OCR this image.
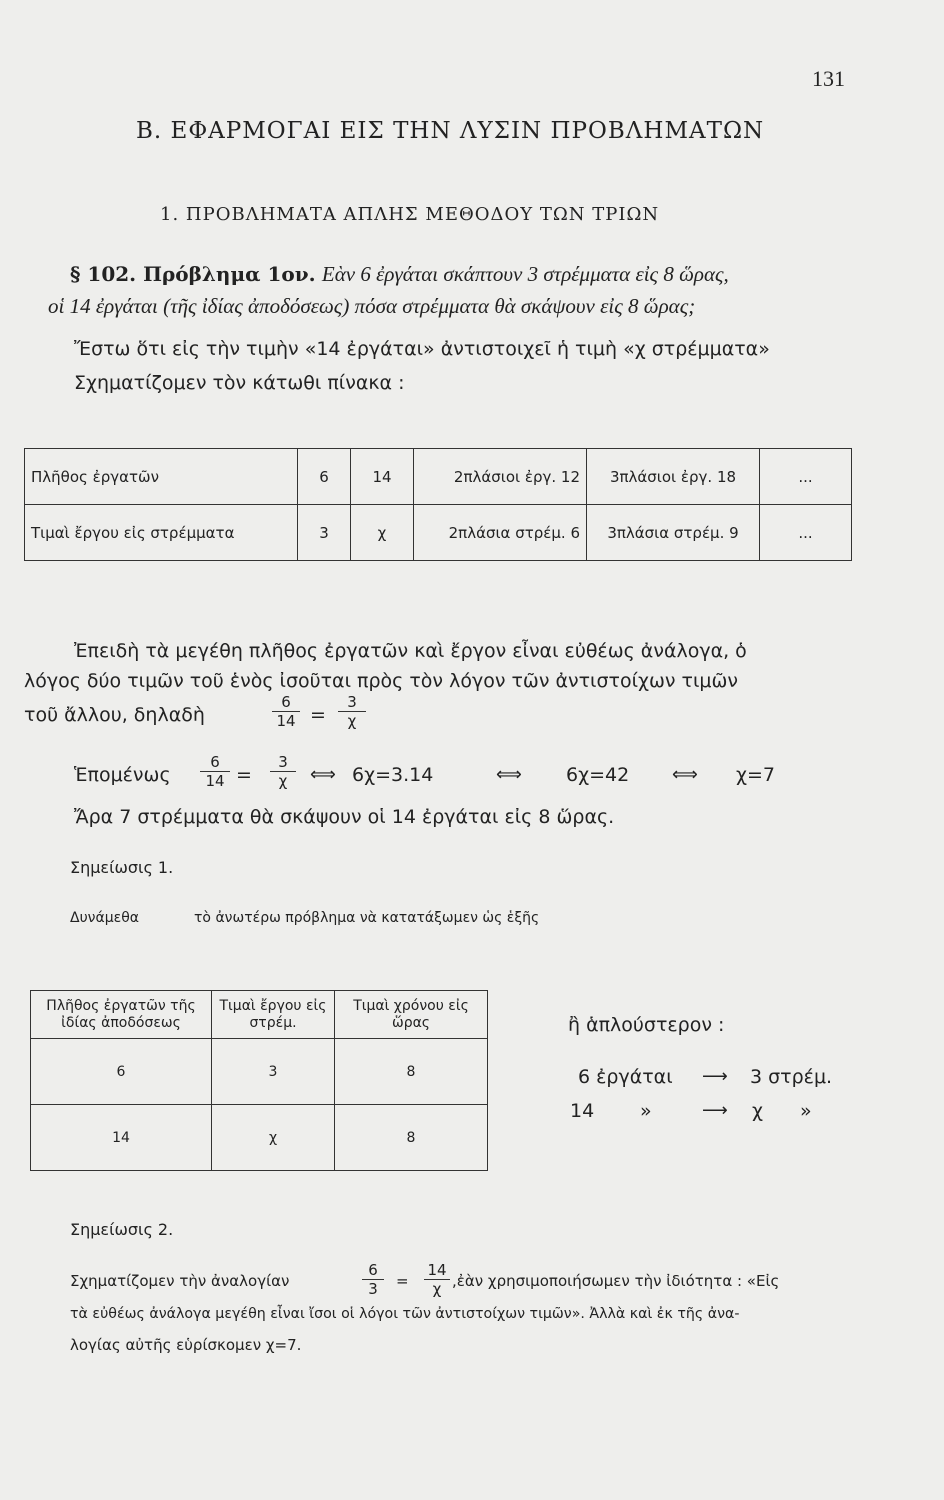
131
Β. ΕΦΑΡΜΟΓΑΙ ΕΙΣ ΤΗΝ ΛΥΣΙΝ ΠΡΟΒΛΗΜΑΤΩΝ
1. ΠΡΟΒΛΗΜΑΤΑ ΑΠΛΗΣ ΜΕΘΟΔΟΥ ΤΩΝ ΤΡΙΩΝ
§ 102. Πρόβλημα 1ον. Εὰν 6 ἐργάται σκάπτουν 3 στρέμματα εἰς 8 ὥρας,
οἱ 14 ἐργάται (τῆς ἰδίας ἀποδόσεως) πόσα στρέμματα θὰ σκάψουν εἰς 8 ὥρας;
Ἔστω ὅτι εἰς τὴν τιμὴν «14 ἐργάται» ἀντιστοιχεῖ ἡ τιμὴ «χ στρέμματα»
Σχηματίζομεν τὸν κάτωθι πίνακα :
Πλῆθος ἐργατῶν	6	14	2πλάσιοι ἐργ. 12	3πλάσιοι ἐργ. 18	...
Τιμαὶ ἔργου εἰς στρέμματα	3	χ	2πλάσια στρέμ. 6	3πλάσια στρέμ. 9	...
Ἐπειδὴ τὰ μεγέθη πλῆθος ἐργατῶν καὶ ἔργον εἶναι εὐθέως ἀνάλογα, ὁ
λόγος δύο τιμῶν τοῦ ἑνὸς ἰσοῦται πρὸς τὸν λόγον τῶν ἀντιστοίχων τιμῶν
τοῦ ἄλλου, δηλαδὴ
6
14 =
3
χ
Ἑπομένως
6
14 =
3
χ	⟺ 6χ=3.14	⟺ 6χ=42 ⟺ χ=7
Ἄρα 7 στρέμματα θὰ σκάψουν οἱ 14 ἐργάται εἰς 8 ὥρας.
Σημείωσις 1.
Δυνάμεθα	τὸ ἀνωτέρω πρόβλημα νὰ κατατάξωμεν ὡς ἑξῆς
Πλῆθος ἐργατῶν τῆς ἰδίας ἀποδόσεως	Τιμαὶ ἔργου εἰς στρέμ.	Τιμαὶ χρόνου εἰς ὥρας
6	3	8
14	χ	8
ἢ ἁπλούστερον :
6 ἐργάται ⟶ 3 στρέμ.
14 »	⟶ χ »
Σημείωσις 2.
Σχηματίζομεν τὴν ἀναλογίαν
6
3	=
14
χ ,ἐὰν χρησιμοποιήσωμεν τὴν ἰδιότητα : «Εἰς
τὰ εὐθέως ἀνάλογα μεγέθη εἶναι ἴσοι οἱ λόγοι τῶν ἀντιστοίχων τιμῶν». Ἀλλὰ καὶ ἐκ τῆς ἀνα-
λογίας αὐτῆς εὑρίσκομεν χ=7.
